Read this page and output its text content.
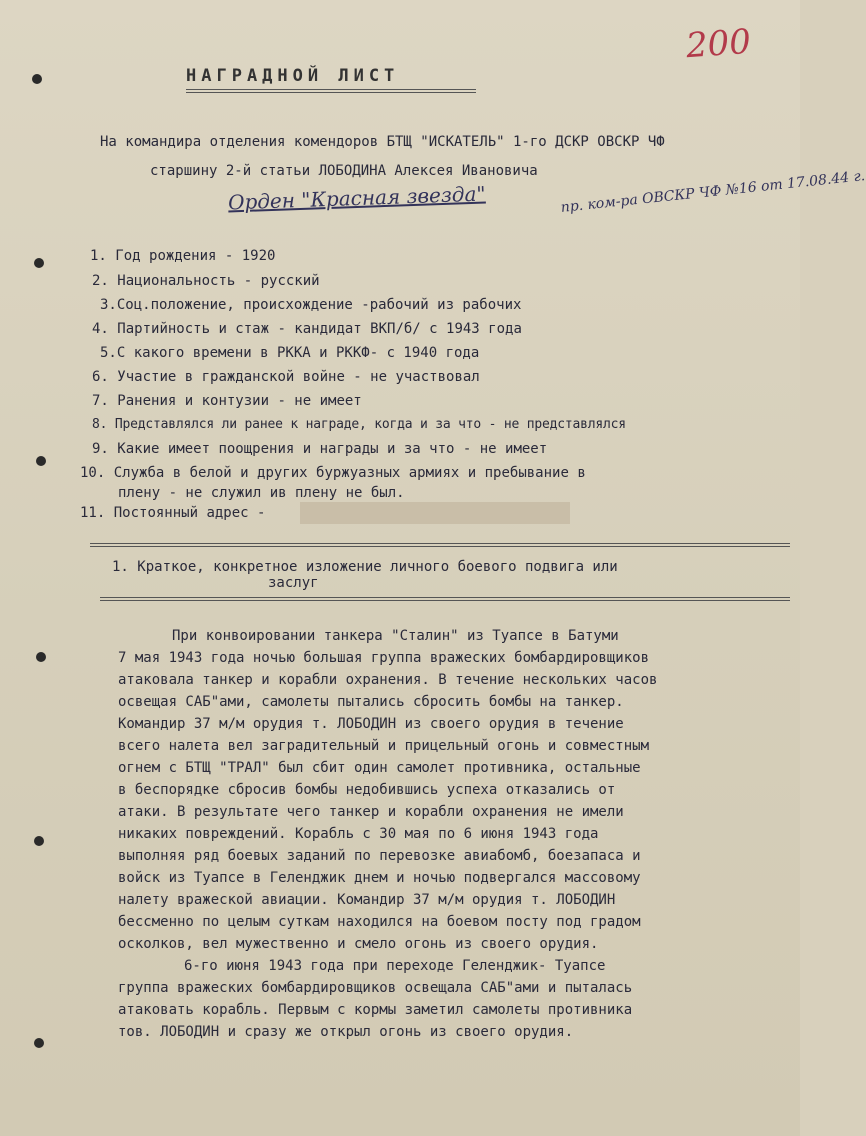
200
НАГРАДНОЙ ЛИСТ
На командира отделения комендоров БТЩ "ИСКАТЕЛЬ" 1-го ДСКР ОВСКР ЧФ
старшину 2-й статьи ЛОБОДИНА Алексея Ивановича
Орден "Красная звезда"	пр. ком-ра ОВСКР ЧФ №16 от 17.08.44 г.
1. Год рождения - 1920
2. Национальность - русский
3.Соц.положение, происхождение -рабочий из рабочих
4. Партийность и стаж - кандидат ВКП/б/ с 1943 года
5.С какого времени в РККА и РККФ- с 1940 года
6. Участие в гражданской войне - не участвовал
7. Ранения и контузии - не имеет
8. Представлялся ли ранее к награде, когда и за что - не представлялся
9. Какие имеет поощрения и награды и за что - не имеет
10. Служба в белой и других буржуазных армиях и пребывание в
плену - не служил ив плену не был.
11. Постоянный адрес -
1. Краткое, конкретное изложение личного боевого подвига или
заслуг
При конвоировании танкера "Сталин" из Туапсе в Батуми
7 мая 1943 года ночью большая группа вражеских бомбардировщиков
атаковала танкер и корабли охранения. В течение нескольких часов
освещая САБ"ами, самолеты пытались сбросить бомбы на танкер.
Командир 37 м/м орудия т. ЛОБОДИН из своего орудия в течение
всего налета вел заградительный и прицельный огонь и совместным
огнем с БТЩ "ТРАЛ" был сбит один самолет противника, остальные
в беспорядке сбросив бомбы недобившись успеха отказались от
атаки. В результате чего танкер и корабли охранения не имели
никаких повреждений. Корабль с 30 мая по 6 июня 1943 года
выполняя ряд боевых заданий по перевозке авиабомб, боезапаса и
войск из Туапсе в Геленджик днем и ночью подвергался массовому
налету вражеской авиации. Командир 37 м/м орудия т. ЛОБОДИН
бессменно по целым суткам находился на боевом посту под градом
осколков, вел мужественно и смело огонь из своего орудия.
6-го июня 1943 года при переходе Геленджик- Туапсе
группа вражеских бомбардировщиков освещала САБ"ами и пыталась
атаковать корабль. Первым с кормы заметил самолеты противника
тов. ЛОБОДИН и сразу же открыл огонь из своего орудия.
